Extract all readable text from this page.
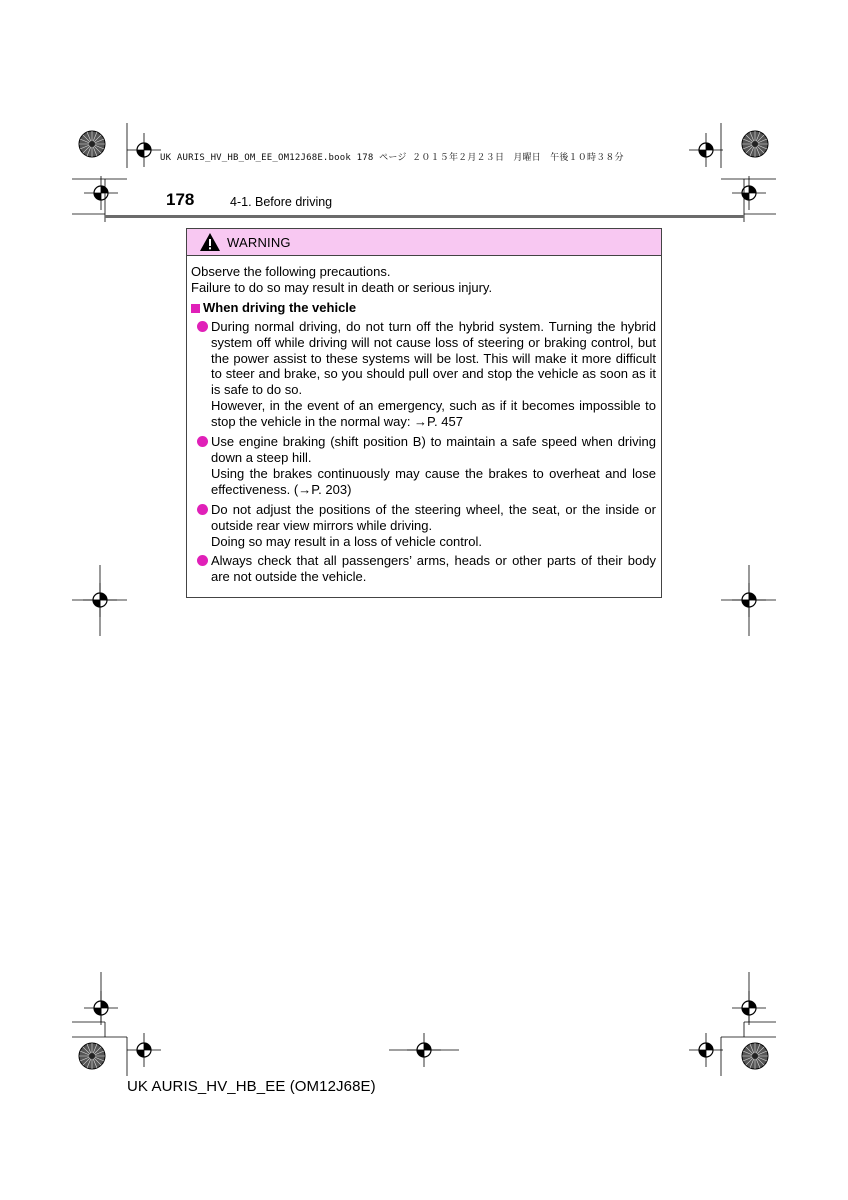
UK AURIS_HV_HB_OM_EE_OM12J68E.book 178 ページ ２０１５年２月２３日　月曜日　午後１０時３８分
178	4-1. Before driving
WARNING

Observe the following precautions.

Failure to do so may result in death or serious injury.

When driving the vehicle

During normal driving, do not turn off the hybrid system. Turning the hybrid system off while driving will not cause loss of steering or braking control, but the power assist to these systems will be lost. This will make it more difficult to steer and brake, so you should pull over and stop the vehicle as soon as it is safe to do so.
However, in the event of an emergency, such as if it becomes impossible to stop the vehicle in the normal way: →P. 457
Use engine braking (shift position B) to maintain a safe speed when driving down a steep hill.
Using the brakes continuously may cause the brakes to overheat and lose effectiveness. (→P. 203)
Do not adjust the positions of the steering wheel, the seat, or the inside or outside rear view mirrors while driving.
Doing so may result in a loss of vehicle control.
Always check that all passengers’ arms, heads or other parts of their body are not outside the vehicle.
UK AURIS_HV_HB_EE (OM12J68E)
